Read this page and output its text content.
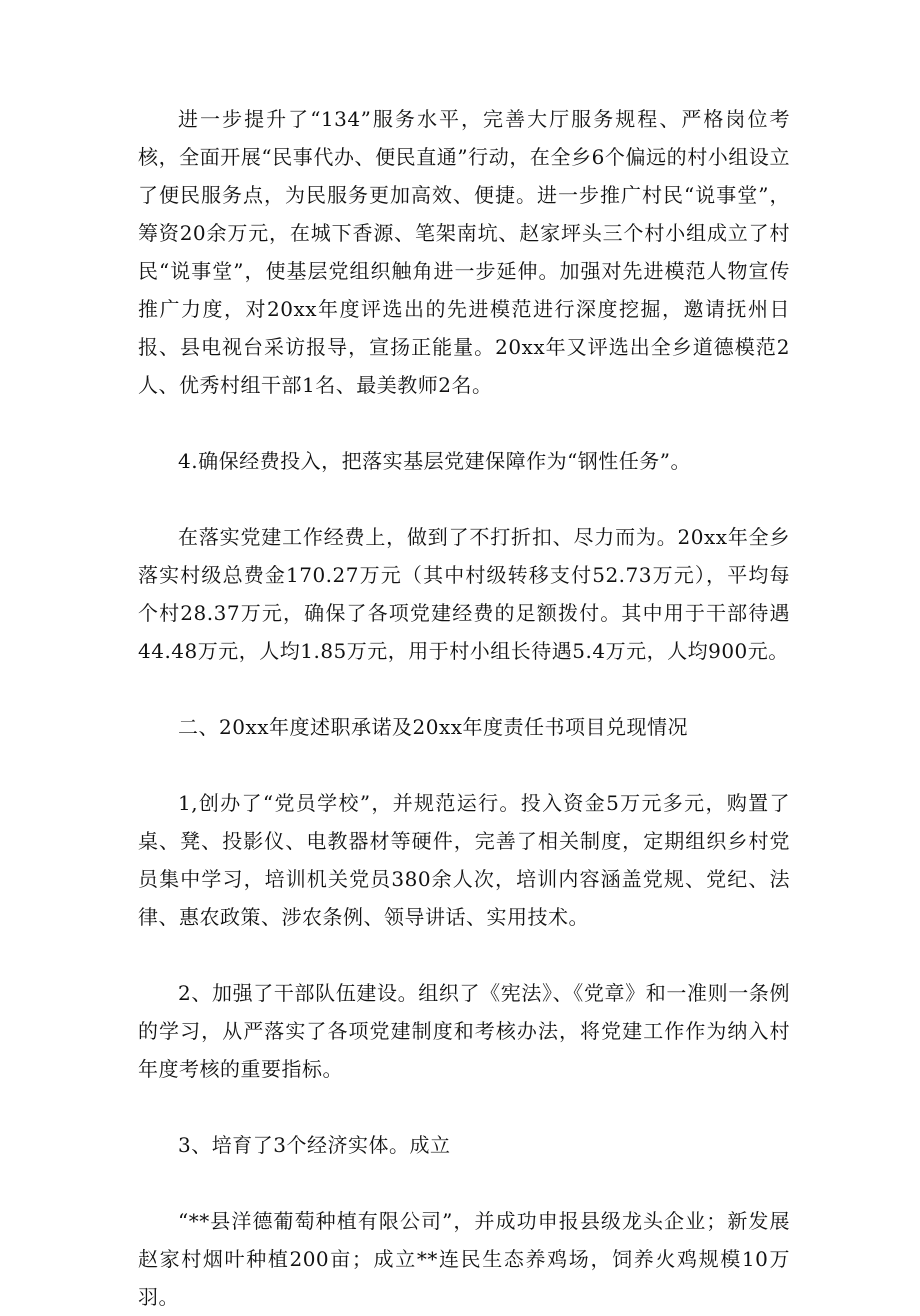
进一步提升了“134”服务水平，完善大厅服务规程、严格岗位考核，全面开展“民事代办、便民直通”行动，在全乡6个偏远的村小组设立了便民服务点，为民服务更加高效、便捷。进一步推广村民“说事堂”，筹资20余万元，在城下香源、笔架南坑、赵家坪头三个村小组成立了村民“说事堂”，使基层党组织触角进一步延伸。加强对先进模范人物宣传推广力度，对20xx年度评选出的先进模范进行深度挖掘，邀请抚州日报、县电视台采访报导，宣扬正能量。20xx年又评选出全乡道德模范2人、优秀村组干部1名、最美教师2名。

4.确保经费投入，把落实基层党建保障作为“钢性任务”。

在落实党建工作经费上，做到了不打折扣、尽力而为。20xx年全乡落实村级总费金170.27万元（其中村级转移支付52.73万元），平均每个村28.37万元，确保了各项党建经费的足额拨付。其中用于干部待遇44.48万元，人均1.85万元，用于村小组长待遇5.4万元，人均900元。

二、20xx年度述职承诺及20xx年度责任书项目兑现情况

1,创办了“党员学校”，并规范运行。投入资金5万元多元，购置了桌、凳、投影仪、电教器材等硬件，完善了相关制度，定期组织乡村党员集中学习，培训机关党员380余人次，培训内容涵盖党规、党纪、法律、惠农政策、涉农条例、领导讲话、实用技术。

2、加强了干部队伍建设。组织了《宪法》、《党章》和一准则一条例的学习，从严落实了各项党建制度和考核办法，将党建工作作为纳入村年度考核的重要指标。

3、培育了3个经济实体。成立

“**县洋德葡萄种植有限公司”，并成功申报县级龙头企业；新发展赵家村烟叶种植200亩；成立**连民生态养鸡场，饲养火鸡规模10万羽。
